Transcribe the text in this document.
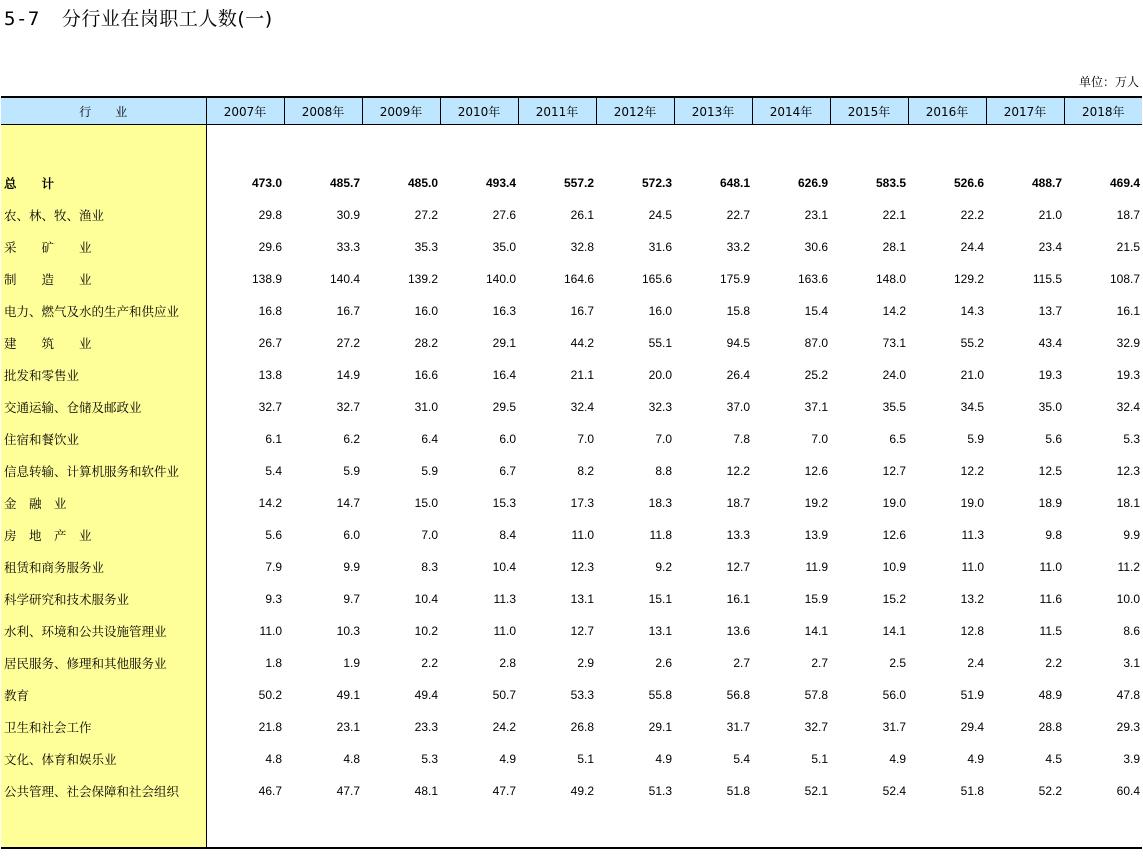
5-7 分行业在岗职工人数(一)
单位：万人
行　　业	2007年	2008年	2009年	2010年	2011年	2012年	2013年	2014年	2015年	2016年	2017年	2018年

总　　计	473.0	485.7	485.0	493.4	557.2	572.3	648.1	626.9	583.5	526.6	488.7	469.4
农、林、牧、渔业	29.8	30.9	27.2	27.6	26.1	24.5	22.7	23.1	22.1	22.2	21.0	18.7
采　　矿　　业	29.6	33.3	35.3	35.0	32.8	31.6	33.2	30.6	28.1	24.4	23.4	21.5
制　　造　　业	138.9	140.4	139.2	140.0	164.6	165.6	175.9	163.6	148.0	129.2	115.5	108.7
电力、燃气及水的生产和供应业	16.8	16.7	16.0	16.3	16.7	16.0	15.8	15.4	14.2	14.3	13.7	16.1
建　　筑　　业	26.7	27.2	28.2	29.1	44.2	55.1	94.5	87.0	73.1	55.2	43.4	32.9
批发和零售业	13.8	14.9	16.6	16.4	21.1	20.0	26.4	25.2	24.0	21.0	19.3	19.3
交通运输、仓储及邮政业	32.7	32.7	31.0	29.5	32.4	32.3	37.0	37.1	35.5	34.5	35.0	32.4
住宿和餐饮业	6.1	6.2	6.4	6.0	7.0	7.0	7.8	7.0	6.5	5.9	5.6	5.3
信息转输、计算机服务和软件业	5.4	5.9	5.9	6.7	8.2	8.8	12.2	12.6	12.7	12.2	12.5	12.3
金　融　业	14.2	14.7	15.0	15.3	17.3	18.3	18.7	19.2	19.0	19.0	18.9	18.1
房　地　产　业	5.6	6.0	7.0	8.4	11.0	11.8	13.3	13.9	12.6	11.3	9.8	9.9
租赁和商务服务业	7.9	9.9	8.3	10.4	12.3	9.2	12.7	11.9	10.9	11.0	11.0	11.2
科学研究和技术服务业	9.3	9.7	10.4	11.3	13.1	15.1	16.1	15.9	15.2	13.2	11.6	10.0
水利、环境和公共设施管理业	11.0	10.3	10.2	11.0	12.7	13.1	13.6	14.1	14.1	12.8	11.5	8.6
居民服务、修理和其他服务业	1.8	1.9	2.2	2.8	2.9	2.6	2.7	2.7	2.5	2.4	2.2	3.1
教育	50.2	49.1	49.4	50.7	53.3	55.8	56.8	57.8	56.0	51.9	48.9	47.8
卫生和社会工作	21.8	23.1	23.3	24.2	26.8	29.1	31.7	32.7	31.7	29.4	28.8	29.3
文化、体育和娱乐业	4.8	4.8	5.3	4.9	5.1	4.9	5.4	5.1	4.9	4.9	4.5	3.9
公共管理、社会保障和社会组织	46.7	47.7	48.1	47.7	49.2	51.3	51.8	52.1	52.4	51.8	52.2	60.4
